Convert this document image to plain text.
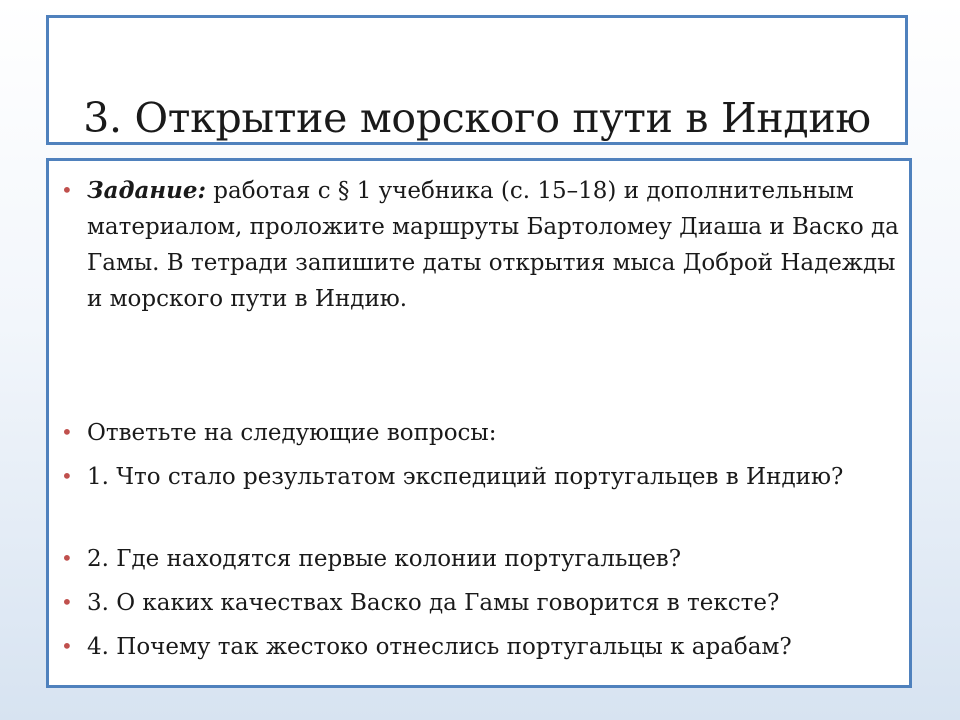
3. Открытие морского пути в Индию
• Задание: работая с § 1 учебника (с. 15–18) и дополнительным материалом, проложите маршруты Бартоломеу Диаша и Васко да Гамы. В тетради запишите даты открытия мыса Доброй Надежды и морского пути в Индию.
• Ответьте на следующие вопросы:
• 1. Что стало результатом экспедиций португальцев в Индию?
• 2. Где находятся первые колонии португальцев?
• 3. О каких качествах Васко да Гамы говорится в тексте?
• 4. Почему так жестоко отнеслись португальцы к арабам?
